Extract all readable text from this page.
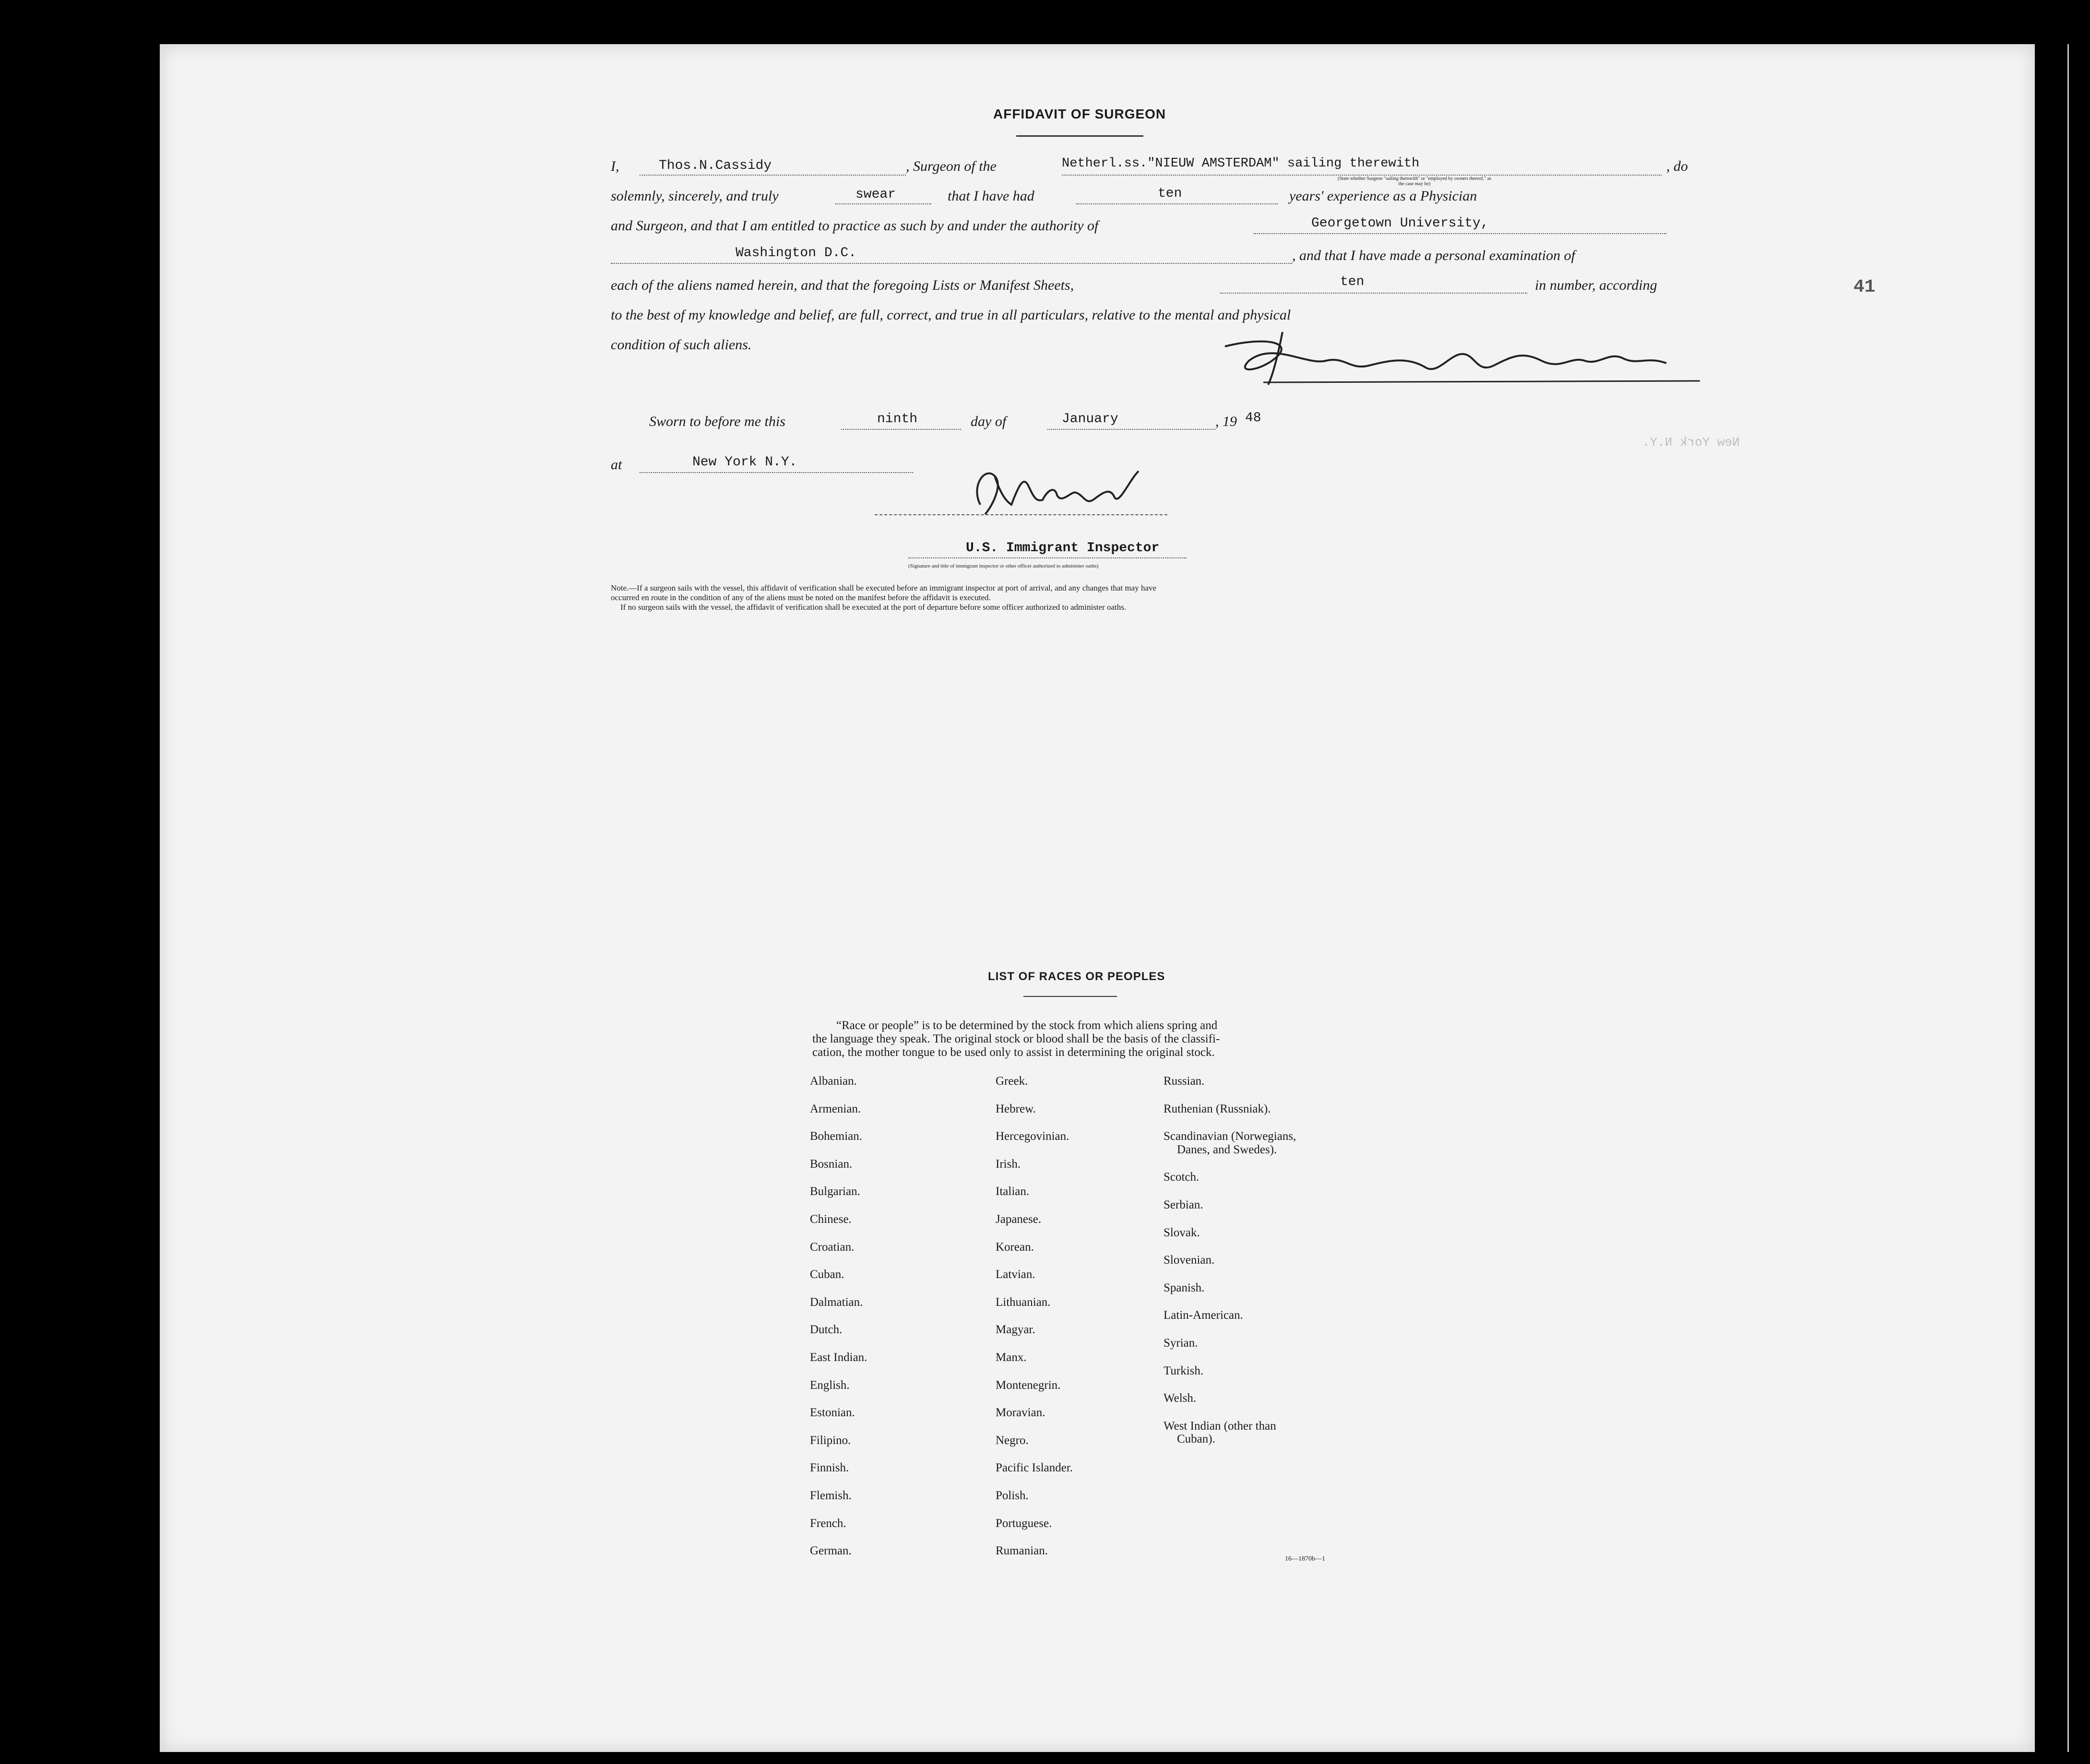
AFFIDAVIT OF SURGEON
I,	Thos.N.Cassidy	, Surgeon of the	Netherl.ss."NIEUW AMSTERDAM" sailing therewith	, do
(State whether Surgeon "sailing therewith" or "employed by owners thereof," as the case may be)
solemnly, sincerely, and truly	swear	that I have had	ten	years' experience as a Physician
and Surgeon, and that I am entitled to practice as such by and under the authority of	Georgetown University,
Washington D.C.	, and that I have made a personal examination of
each of the aliens named herein, and that the foregoing Lists or Manifest Sheets,	ten	in number, according
to the best of my knowledge and belief, are full, correct, and true in all particulars, relative to the mental and physical
condition of such aliens.
Sworn to before me this	ninth	day of	January	, 19 48
at	New York N.Y.
U.S. Immigrant Inspector
(Signature and title of immigrant inspector or other officer authorized to administer oaths)
Note.—If a surgeon sails with the vessel, this affidavit of verification shall be executed before an immigrant inspector at port of arrival, and any changes that may have
occurred en route in the condition of any of the aliens must be noted on the manifest before the affidavit is executed.
If no surgeon sails with the vessel, the affidavit of verification shall be executed at the port of departure before some officer authorized to administer oaths.
41
New York N.Y.
LIST OF RACES OR PEOPLES
“Race or people” is to be determined by the stock from which aliens spring and
the language they speak. The original stock or blood shall be the basis of the classifi-
cation, the mother tongue to be used only to assist in determining the original stock.
Albanian.
Armenian.
Bohemian.
Bosnian.
Bulgarian.
Chinese.
Croatian.
Cuban.
Dalmatian.
Dutch.
East Indian.
English.
Estonian.
Filipino.
Finnish.
Flemish.
French.
German.
Greek.
Hebrew.
Hercegovinian.
Irish.
Italian.
Japanese.
Korean.
Latvian.
Lithuanian.
Magyar.
Manx.
Montenegrin.
Moravian.
Negro.
Pacific Islander.
Polish.
Portuguese.
Rumanian.
Russian.
Ruthenian (Russniak).
Scandinavian (Norwegians,
Danes, and Swedes).
Scotch.
Serbian.
Slovak.
Slovenian.
Spanish.
Latin-American.
Syrian.
Turkish.
Welsh.
West Indian (other than
Cuban).
16—1870b—1
